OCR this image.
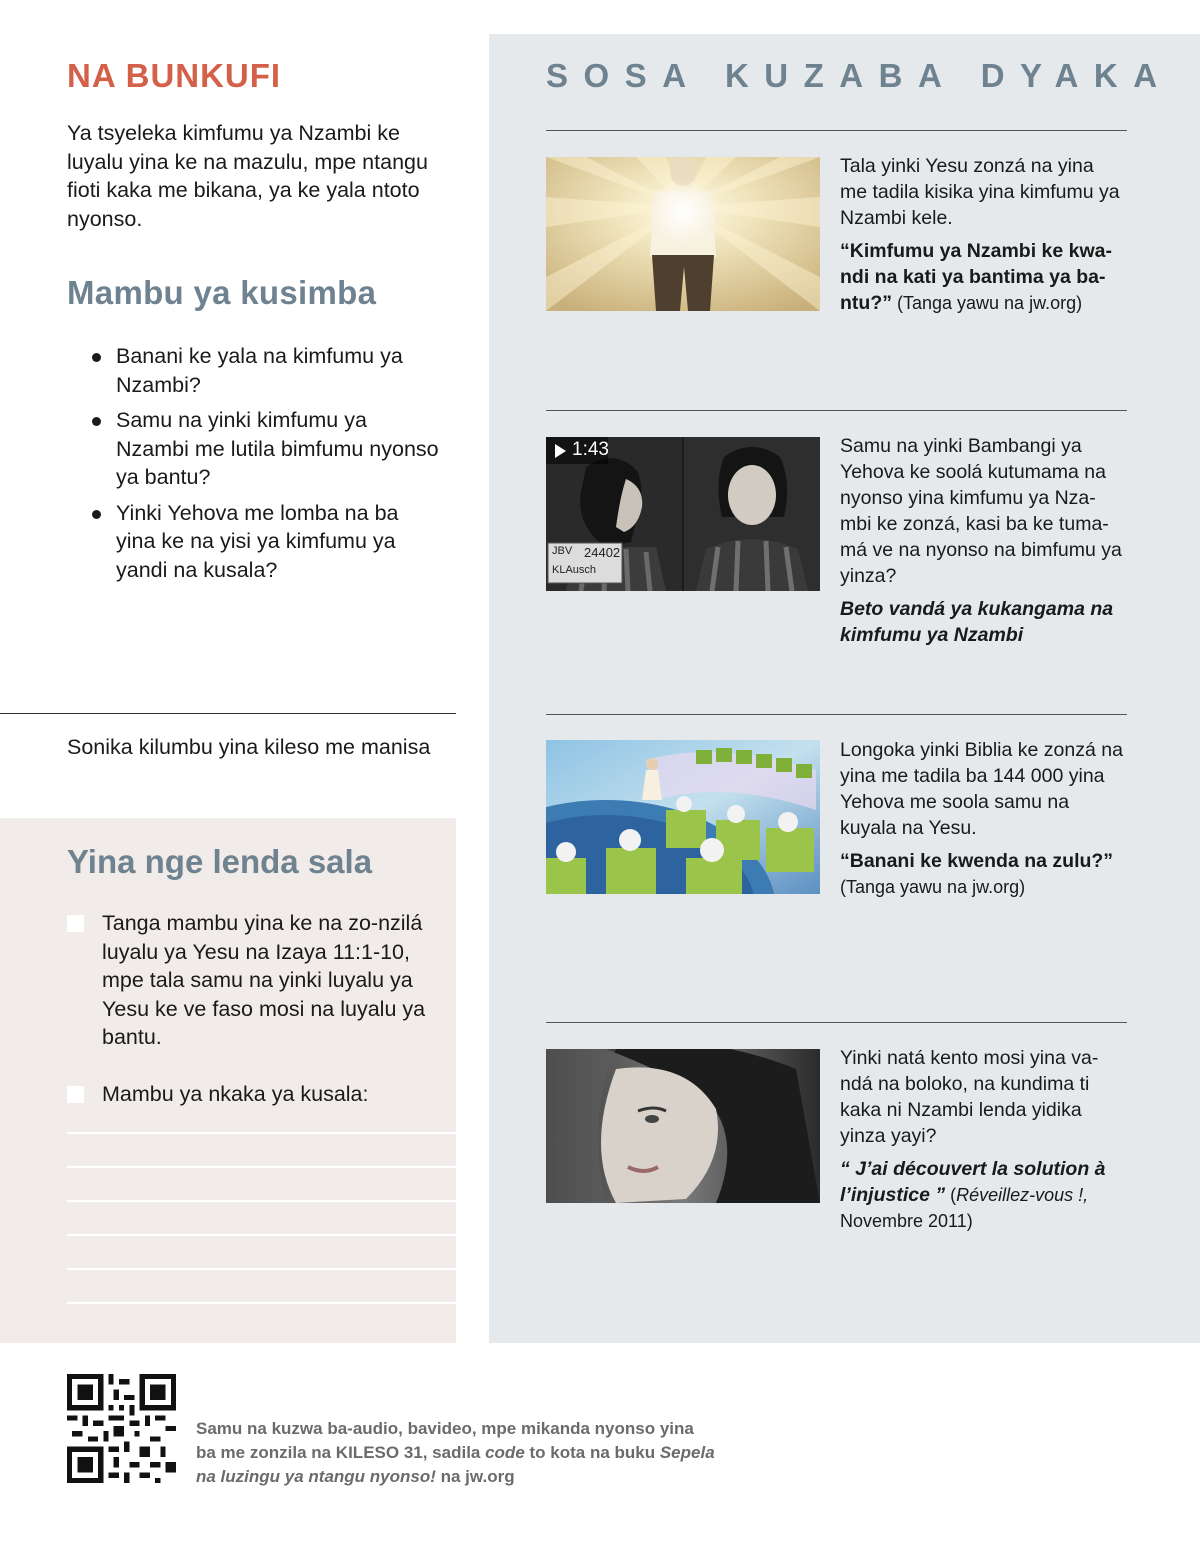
NA BUNKUFI

Ya tsyeleka kimfumu ya Nzambi ke luyalu yina ke na mazulu, mpe ntangu fioti kaka me bikana, ya ke yala ntoto nyonso.

Mambu ya kusimba
Banani ke yala na kimfumu ya Nzambi?
Samu na yinki kimfumu ya Nzambi me lutila bimfumu nyonso ya bantu?
Yinki Yehova me lomba na ba yina ke na yisi ya kimfumu ya yandi na kusala?
Sonika kilumbu yina kileso me manisa
Yina nge lenda sala
Tanga mambu yina ke na zo-nzilá luyalu ya Yesu na Izaya 11:1-10, mpe tala samu na yinki luyalu ya Yesu ke ve faso mosi na luyalu ya bantu.
Mambu ya nkaka ya kusala:
SOSA KUZABA DYAKA
Tala yinki Yesu zonzá na yina me tadila kisika yina kimfumu ya Nzambi kele.
“Kimfumu ya Nzambi ke kwa-ndi na kati ya bantima ya ba-ntu?” (Tanga yawu na jw.org)
1:43
JBV 24402
KLAusch
Samu na yinki Bambangi ya Yehova ke soolá kutumama na nyonso yina kimfumu ya Nza-mbi ke zonzá, kasi ba ke tuma-má ve na nyonso na bimfumu ya yinza?
Beto vandá ya kukangama na kimfumu ya Nzambi
Longoka yinki Biblia ke zonzá na yina me tadila ba 144 000 yina Yehova me soola samu na kuyala na Yesu.
“Banani ke kwenda na zulu?”
(Tanga yawu na jw.org)
Yinki natá kento mosi yina va-ndá na boloko, na kundima ti kaka ni Nzambi lenda yidika yinza yayi?
“ J’ai découvert la solution à l’injustice ” (Réveillez-vous !, Novembre 2011)

Samu na kuzwa ba-audio, bavideo, mpe mikanda nyonso yina ba me zonzila na KILESO 31, sadila code to kota na buku Sepela na luzingu ya ntangu nyonso! na jw.org
